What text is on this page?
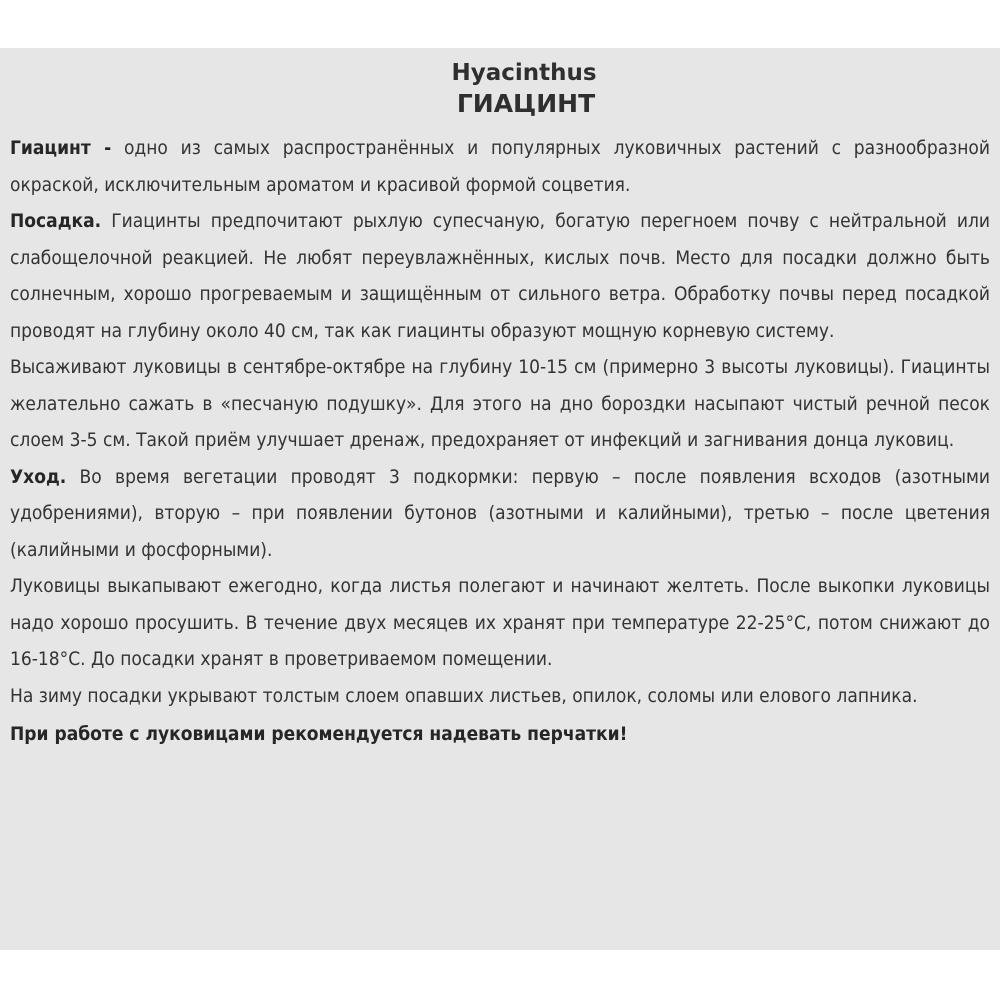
Hyacinthus
ГИАЦИНТ

Гиацинт - одно из самых распространённых и популярных луковичных растений с разнообразной окраской, исключительным ароматом и красивой формой соцветия.

Посадка. Гиацинты предпочитают рыхлую супесчаную, богатую перегноем почву с нейтральной или слабощелочной реакцией. Не любят переувлажнённых, кислых почв. Место для посадки должно быть солнечным, хорошо прогреваемым и защищённым от сильного ветра. Обработку почвы перед посадкой проводят на глубину около 40 см, так как гиацинты образуют мощную корневую систему.

Высаживают луковицы в сентябре-октябре на глубину 10-15 см (примерно 3 высоты луковицы). Гиацинты желательно сажать в «песчаную подушку». Для этого на дно бороздки насыпают чистый речной песок слоем 3-5 см. Такой приём улучшает дренаж, предохраняет от инфекций и загнивания донца луковиц.

Уход. Во время вегетации проводят 3 подкормки: первую – после появления всходов (азотными удобрениями), вторую – при появлении бутонов (азотными и калийными), третью – после цветения (калийными и фосфорными).

Луковицы выкапывают ежегодно, когда листья полегают и начинают желтеть. После выкопки луковицы надо хорошо просушить. В течение двух месяцев их хранят при температуре 22-25°С, потом снижают до 16-18°С. До посадки хранят в проветриваемом помещении.

На зиму посадки укрывают толстым слоем опавших листьев, опилок, соломы или елового лапника.

При работе с луковицами рекомендуется надевать перчатки!
